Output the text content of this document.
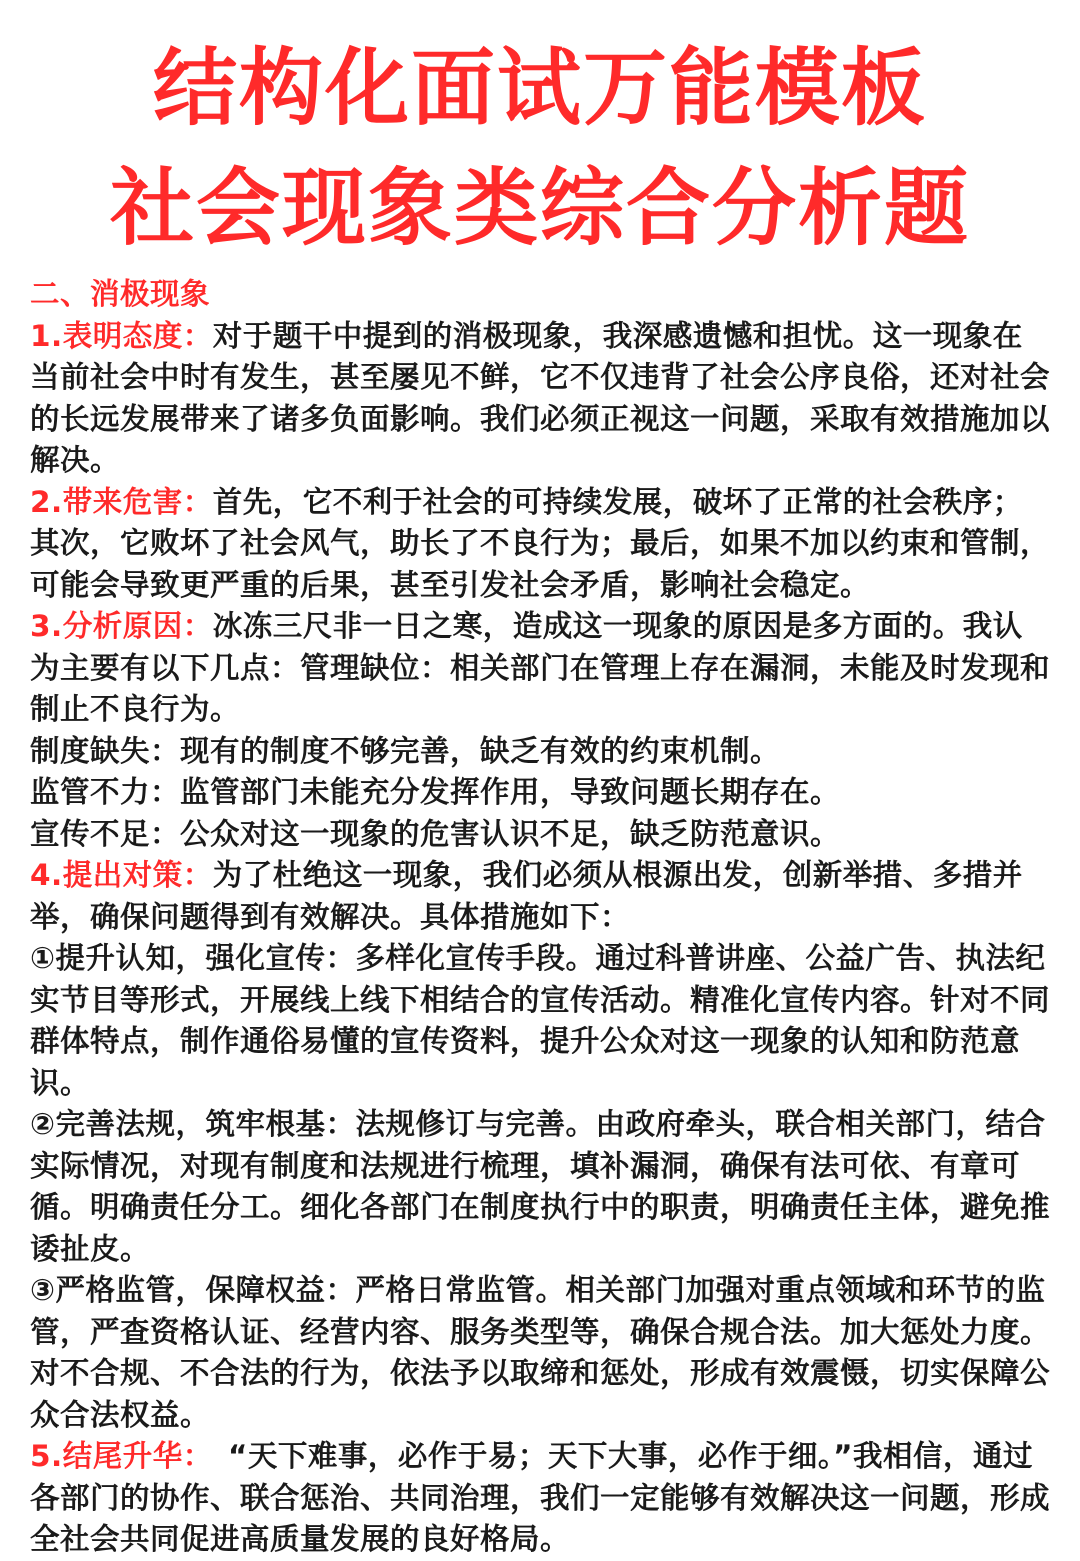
结构化面试万能模板
社会现象类综合分析题

二、消极现象

1.表明态度：对于题干中提到的消极现象，我深感遗憾和担忧。这一现象在当前社会中时有发生，甚至屡见不鲜，它不仅违背了社会公序良俗，还对社会的长远发展带来了诸多负面影响。我们必须正视这一问题，采取有效措施加以解决。

2.带来危害：首先，它不利于社会的可持续发展，破坏了正常的社会秩序；其次，它败坏了社会风气，助长了不良行为；最后，如果不加以约束和管制，可能会导致更严重的后果，甚至引发社会矛盾，影响社会稳定。

3.分析原因：冰冻三尺非一日之寒，造成这一现象的原因是多方面的。我认为主要有以下几点：管理缺位：相关部门在管理上存在漏洞，未能及时发现和制止不良行为。

制度缺失：现有的制度不够完善，缺乏有效的约束机制。

监管不力：监管部门未能充分发挥作用，导致问题长期存在。

宣传不足：公众对这一现象的危害认识不足，缺乏防范意识。

4.提出对策：为了杜绝这一现象，我们必须从根源出发，创新举措、多措并举，确保问题得到有效解决。具体措施如下：

①提升认知，强化宣传：多样化宣传手段。通过科普讲座、公益广告、执法纪实节目等形式，开展线上线下相结合的宣传活动。精准化宣传内容。针对不同群体特点，制作通俗易懂的宣传资料，提升公众对这一现象的认知和防范意识。

②完善法规，筑牢根基：法规修订与完善。由政府牵头，联合相关部门，结合实际情况，对现有制度和法规进行梳理，填补漏洞，确保有法可依、有章可循。明确责任分工。细化各部门在制度执行中的职责，明确责任主体，避免推诿扯皮。

③严格监管，保障权益：严格日常监管。相关部门加强对重点领域和环节的监管，严查资格认证、经营内容、服务类型等，确保合规合法。加大惩处力度。对不合规、不合法的行为，依法予以取缔和惩处，形成有效震慑，切实保障公众合法权益。

5.结尾升华：　“天下难事，必作于易；天下大事，必作于细。”我相信，通过各部门的协作、联合惩治、共同治理，我们一定能够有效解决这一问题，形成全社会共同促进高质量发展的良好格局。
